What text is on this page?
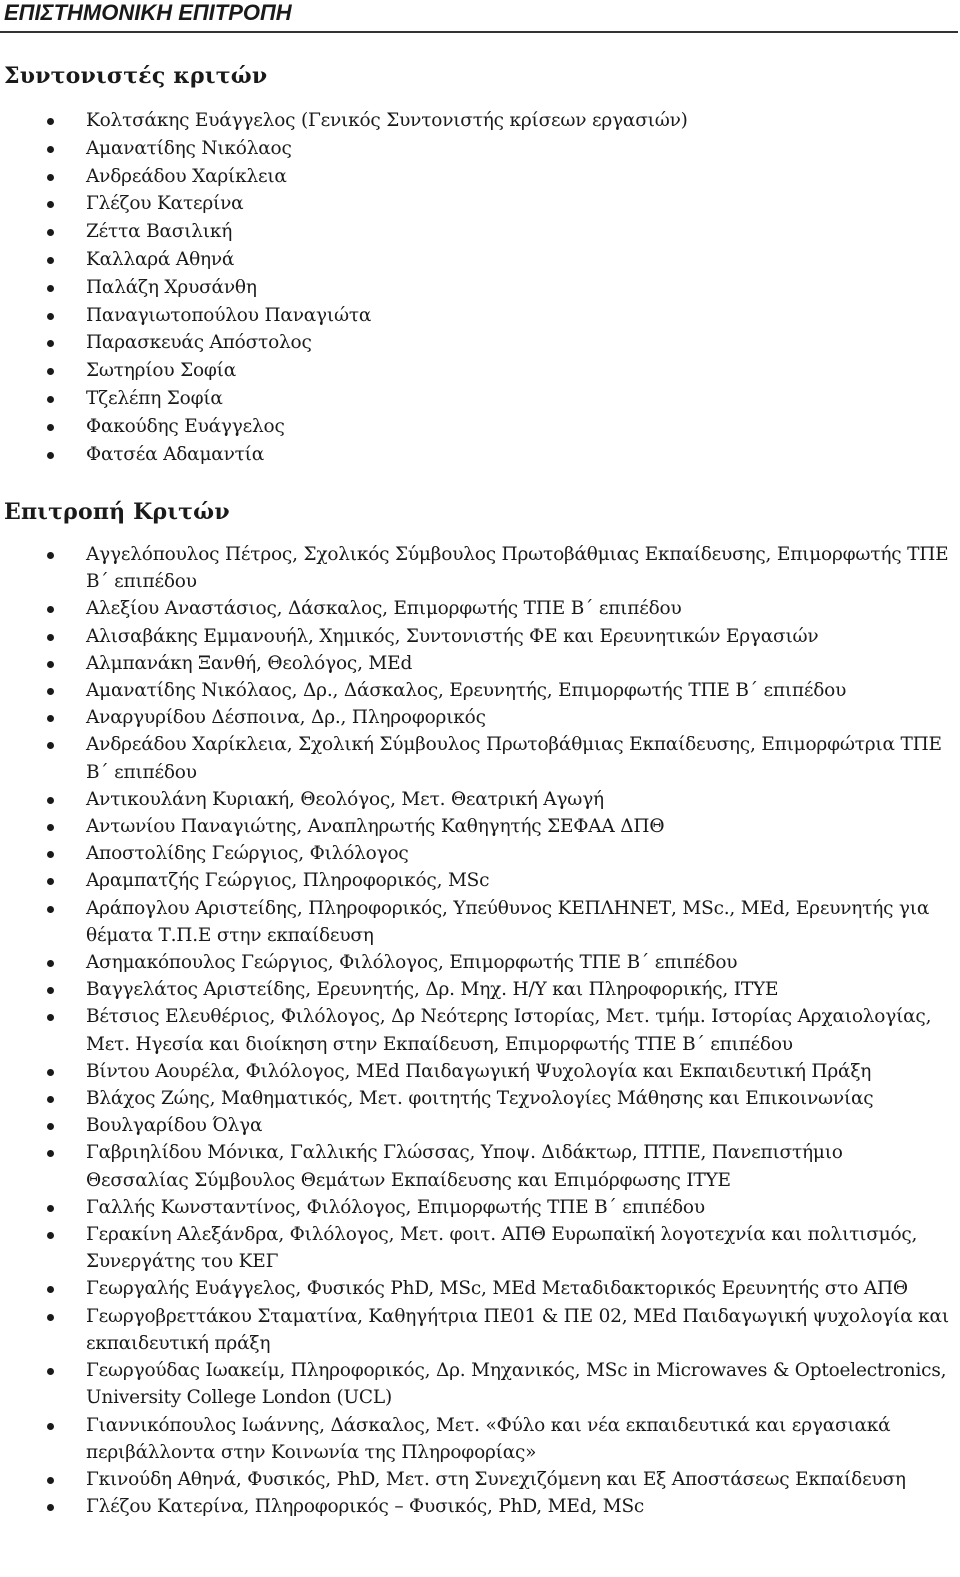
ΕΠΙΣΤΗΜΟΝΙΚΗ ΕΠΙΤΡΟΠΗ
Συντονιστές κριτών
Κολτσάκης Ευάγγελος (Γενικός Συντονιστής κρίσεων εργασιών)
Αμανατίδης Νικόλαος
Ανδρεάδου Χαρίκλεια
Γλέζου Κατερίνα
Ζέττα Βασιλική
Καλλαρά Αθηνά
Παλάζη Χρυσάνθη
Παναγιωτοπούλου Παναγιώτα
Παρασκευάς Απόστολος
Σωτηρίου Σοφία
Τζελέπη Σοφία
Φακούδης Ευάγγελος
Φατσέα Αδαμαντία
Επιτροπή Κριτών
Αγγελόπουλος Πέτρος, Σχολικός Σύμβουλος Πρωτοβάθμιας Εκπαίδευσης, Επιμορφωτής ΤΠΕ Β΄ επιπέδου
Αλεξίου Αναστάσιος, Δάσκαλος, Επιμορφωτής ΤΠΕ Β΄ επιπέδου
Αλισαβάκης Εμμανουήλ, Χημικός, Συντονιστής ΦΕ και Ερευνητικών Εργασιών
Αλμπανάκη Ξανθή, Θεολόγος, MEd
Αμανατίδης Νικόλαος, Δρ., Δάσκαλος, Ερευνητής, Επιμορφωτής ΤΠΕ Β΄ επιπέδου
Αναργυρίδου Δέσποινα, Δρ., Πληροφορικός
Ανδρεάδου Χαρίκλεια, Σχολική Σύμβουλος Πρωτοβάθμιας Εκπαίδευσης, Επιμορφώτρια ΤΠΕ Β΄ επιπέδου
Αντικουλάνη Κυριακή, Θεολόγος, Μετ. Θεατρική Αγωγή
Αντωνίου Παναγιώτης, Αναπληρωτής Καθηγητής ΣΕΦΑΑ ΔΠΘ
Αποστολίδης Γεώργιος, Φιλόλογος
Αραμπατζής Γεώργιος, Πληροφορικός, MSc
Αράπογλου Αριστείδης, Πληροφορικός, Υπεύθυνος ΚΕΠΛΗΝΕΤ, MSc., MEd, Ερευνητής για θέματα Τ.Π.Ε στην εκπαίδευση
Ασημακόπουλος Γεώργιος, Φιλόλογος, Επιμορφωτής ΤΠΕ Β΄ επιπέδου
Βαγγελάτος Αριστείδης, Ερευνητής, Δρ. Μηχ. Η/Υ και Πληροφορικής, ΙΤΥΕ
Βέτσιος Ελευθέριος, Φιλόλογος, Δρ Νεότερης Ιστορίας, Μετ. τμήμ. Ιστορίας Αρχαιολογίας, Μετ. Ηγεσία και διοίκηση στην Εκπαίδευση, Επιμορφωτής ΤΠΕ Β΄ επιπέδου
Βίντου Αουρέλα, Φιλόλογος, MEd Παιδαγωγική Ψυχολογία και Εκπαιδευτική Πράξη
Βλάχος Ζώης, Μαθηματικός, Μετ. φοιτητής Τεχνολογίες Μάθησης και Επικοινωνίας
Βουλγαρίδου Όλγα
Γαβριηλίδου Μόνικα, Γαλλικής Γλώσσας, Υποψ. Διδάκτωρ, ΠΤΠΕ, Πανεπιστήμιο Θεσσαλίας Σύμβουλος Θεμάτων Εκπαίδευσης και Επιμόρφωσης ΙΤΥΕ
Γαλλής Κωνσταντίνος, Φιλόλογος, Επιμορφωτής ΤΠΕ Β΄ επιπέδου
Γερακίνη Αλεξάνδρα, Φιλόλογος, Μετ. φοιτ. ΑΠΘ Ευρωπαϊκή λογοτεχνία και πολιτισμός, Συνεργάτης του ΚΕΓ
Γεωργαλής Ευάγγελος, Φυσικός PhD, MSc, MEd Μεταδιδακτορικός Ερευνητής στο ΑΠΘ
Γεωργοβρεττάκου Σταματίνα, Καθηγήτρια ΠΕ01 & ΠΕ 02, MEd Παιδαγωγική ψυχολογία και εκπαιδευτική πράξη
Γεωργούδας Ιωακείμ, Πληροφορικός, Δρ. Μηχανικός, MSc in Microwaves & Optoelectronics, University College London (UCL)
Γιαννικόπουλος Ιωάννης, Δάσκαλος, Μετ. «Φύλο και νέα εκπαιδευτικά και εργασιακά περιβάλλοντα στην Κοινωνία της Πληροφορίας»
Γκινούδη Αθηνά, Φυσικός, PhD, Μετ. στη Συνεχιζόμενη και Εξ Αποστάσεως Εκπαίδευση
Γλέζου Κατερίνα, Πληροφορικός – Φυσικός, PhD, MEd, MSc
